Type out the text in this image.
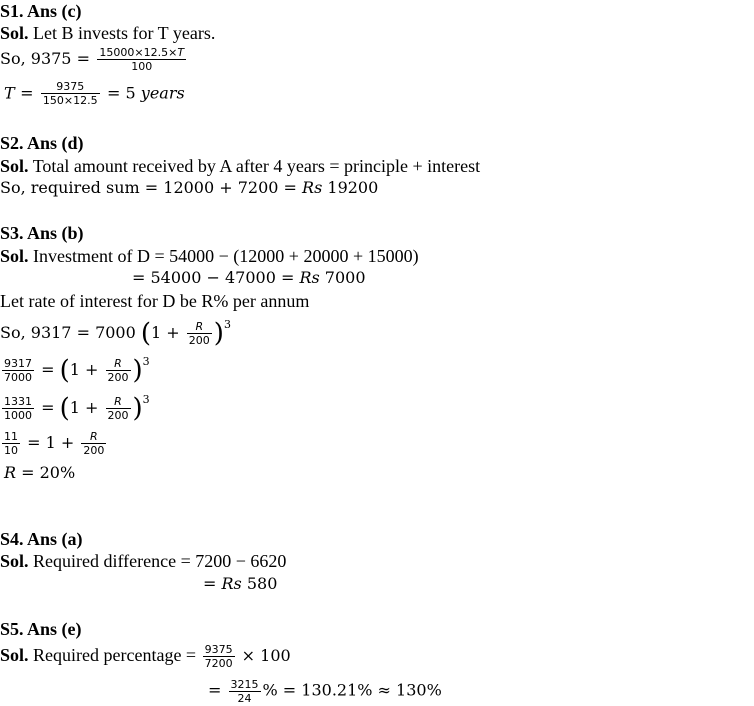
S1. Ans (c)
Sol. Let B invests for T years.
So, $9375 = \frac{15000\times 12.5\times T}{100}$
$T = \frac{9375}{150\times 12.5} = 5$ years
S2. Ans (d)
Sol. Total amount received by A after 4 years = principle + interest
So, required sum = 12000 + 7200 = Rs 19200
S3. Ans (b)
Sol. Investment of D = 54000 − (12000 + 20000 + 15000)
= 54000 − 47000 = Rs 7000
Let rate of interest for D be R% per annum
So, 9317 = 7000 $(1 + \frac{R}{200} )^3$
$\frac{9317}{7000} = (1 + \frac{R}{200} )^3$
$\frac{1331}{1000} = (1 + \frac{R}{200} )^3$
$\frac{11}{10} = 1 + \frac{R}{200}$
R = 20%
S4. Ans (a)
Sol. Required difference = 7200 − 6620
= Rs 580
S5. Ans (e)
Sol. Required percentage = $\frac{9375}{7200} \times 100$
= $\frac{3215}{24}$ % = 130.21% ≈ 130%
